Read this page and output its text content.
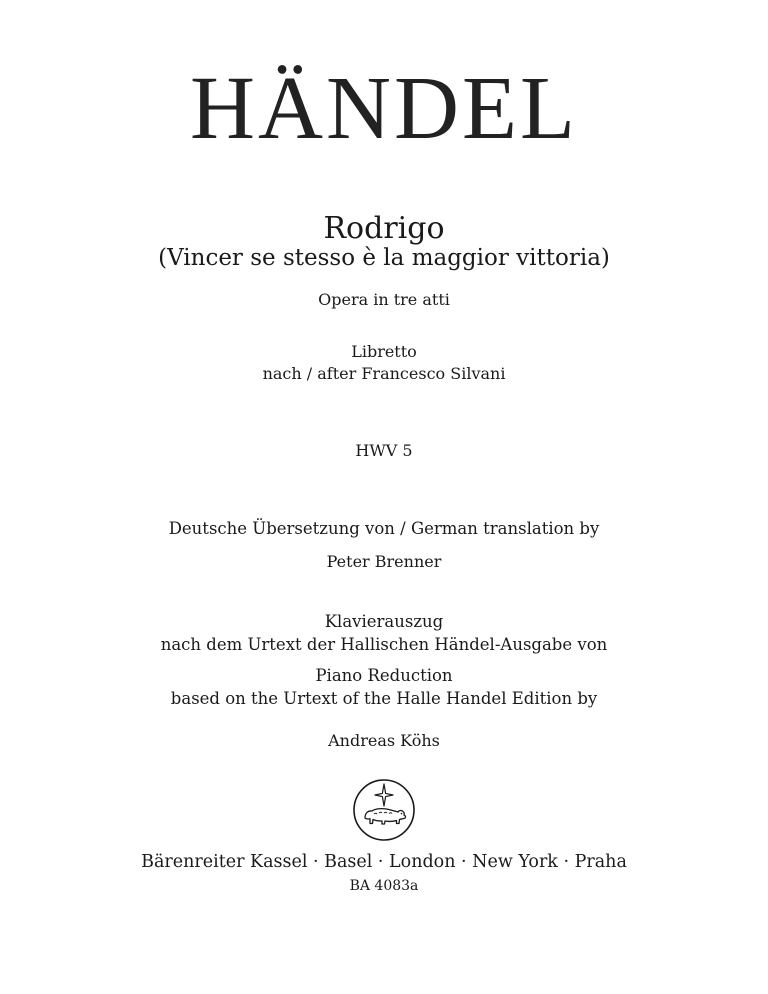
HÄNDEL
Rodrigo
(Vincer se stesso è la maggior vittoria)
Opera in tre atti
Libretto
nach / after Francesco Silvani
HWV 5
Deutsche Übersetzung von / German translation by
Peter Brenner
Klavierauszug
nach dem Urtext der Hallischen Händel-Ausgabe von
Piano Reduction
based on the Urtext of the Halle Handel Edition by
Andreas Köhs
Bärenreiter Kassel · Basel · London · New York · Praha
BA 4083a
